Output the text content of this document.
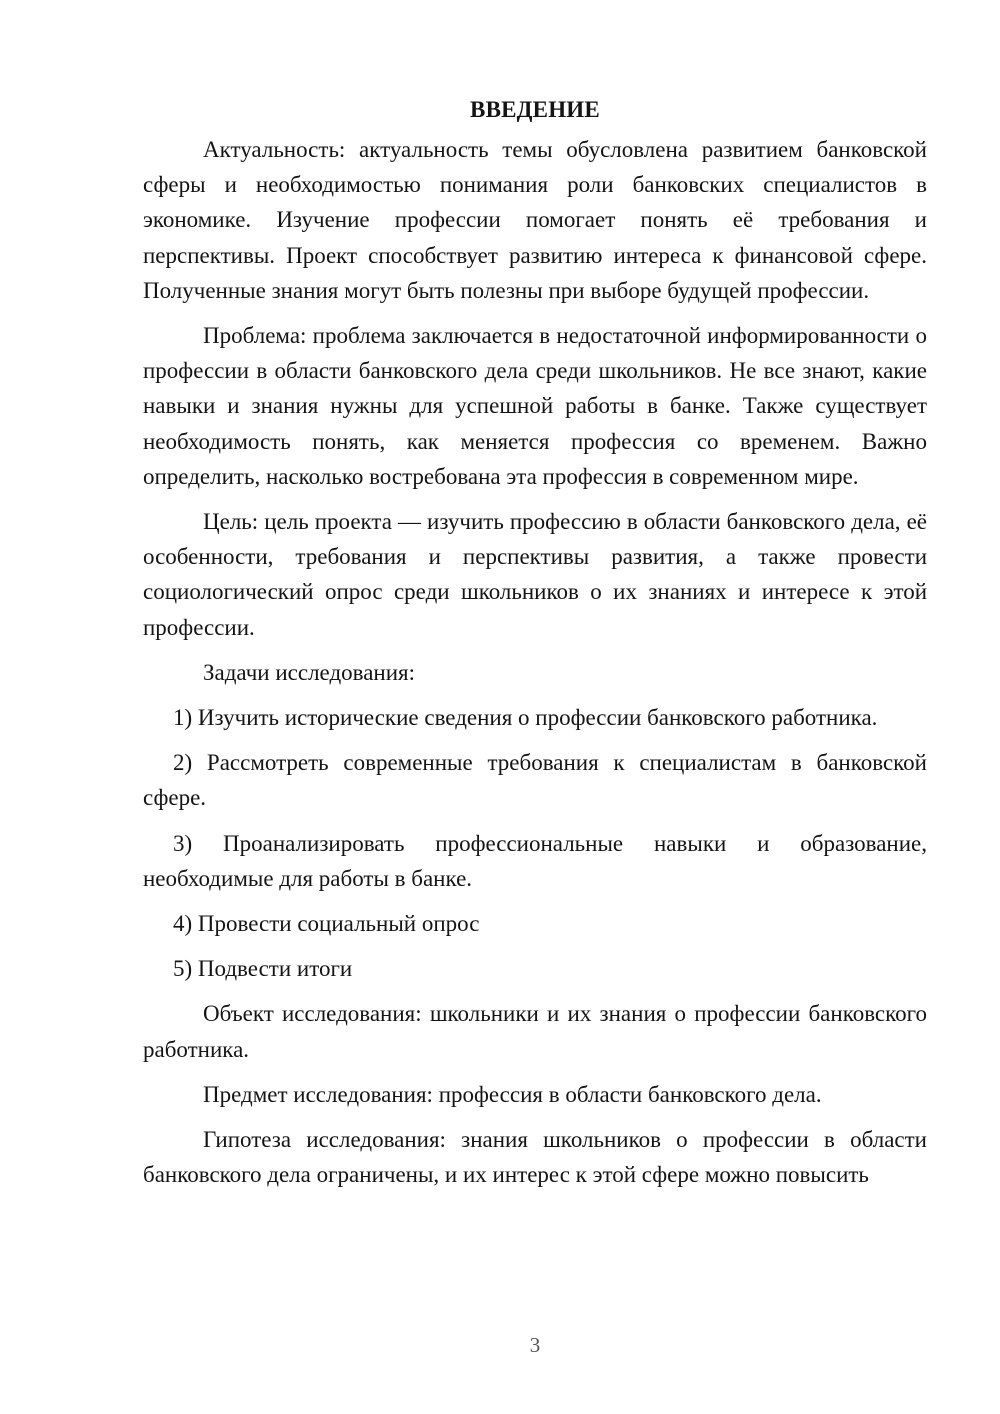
ВВЕДЕНИЕ

Актуальность: актуальность темы обусловлена развитием банковской сферы и необходимостью понимания роли банковских специалистов в экономике. Изучение профессии помогает понять её требования и перспективы. Проект способствует развитию интереса к финансовой сфере. Полученные знания могут быть полезны при выборе будущей профессии.

Проблема: проблема заключается в недостаточной информированности о профессии в области банковского дела среди школьников. Не все знают, какие навыки и знания нужны для успешной работы в банке. Также существует необходимость понять, как меняется профессия со временем. Важно определить, насколько востребована эта профессия в современном мире.

Цель: цель проекта — изучить профессию в области банковского дела, её особенности, требования и перспективы развития, а также провести социологический опрос среди школьников о их знаниях и интересе к этой профессии.

Задачи исследования:

1) Изучить исторические сведения о профессии банковского работника.

2) Рассмотреть современные требования к специалистам в банковской сфере.

3) Проанализировать профессиональные навыки и образование, необходимые для работы в банке.

4) Провести социальный опрос

5) Подвести итоги

Объект исследования: школьники и их знания о профессии банковского работника.

Предмет исследования: профессия в области банковского дела.

Гипотеза исследования: знания школьников о профессии в области банковского дела ограничены, и их интерес к этой сфере можно повысить

3
